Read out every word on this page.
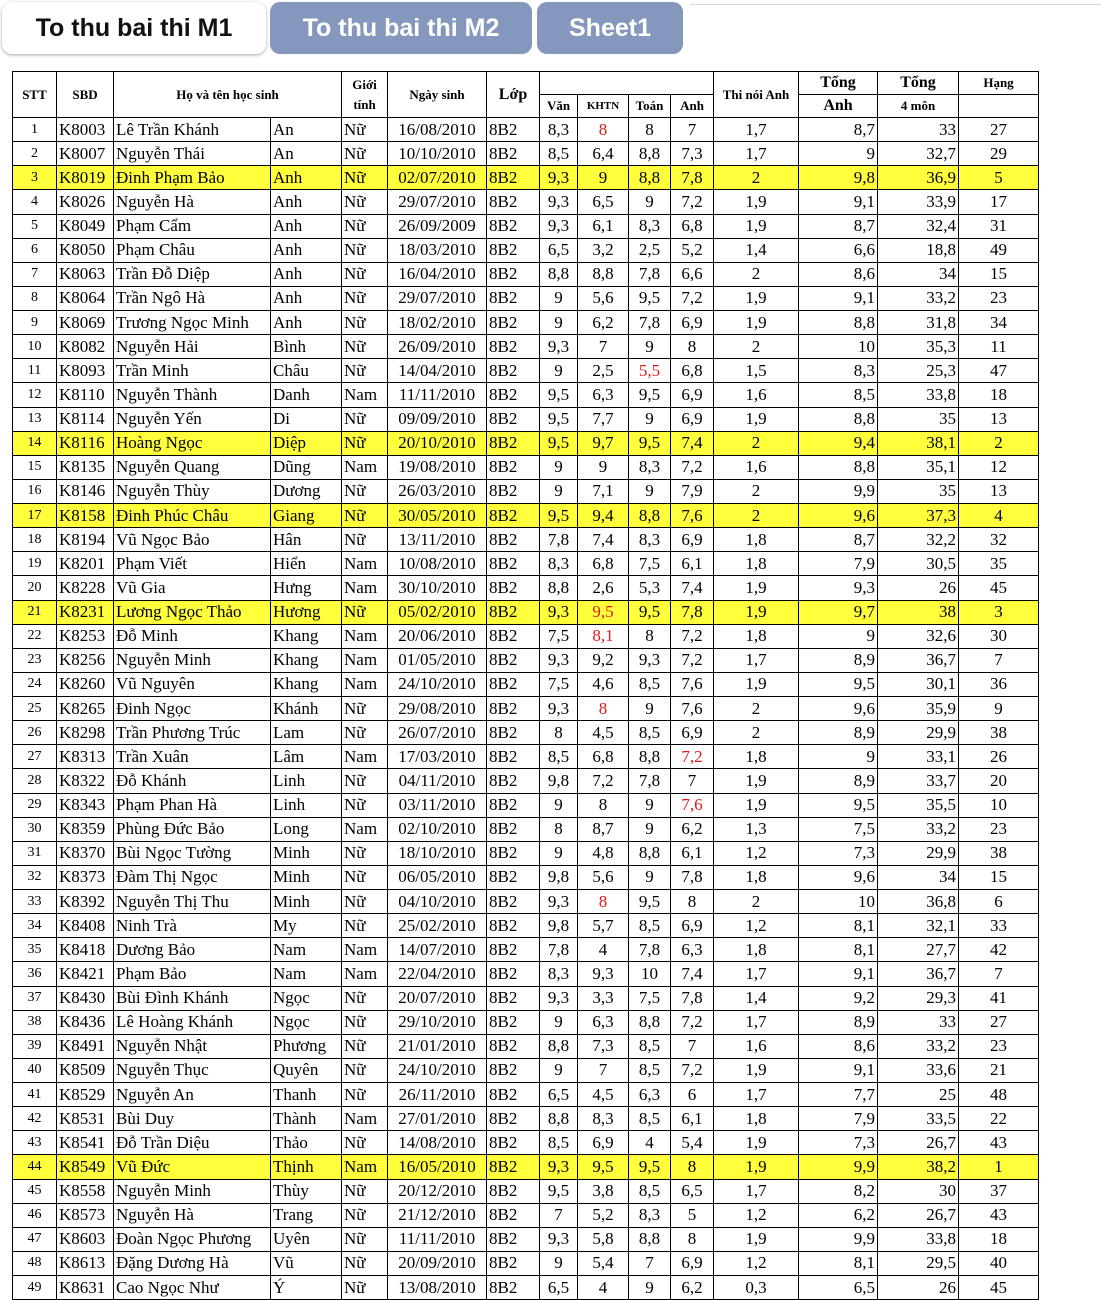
To thu bai thi M1	To thu bai thi M2	Sheet1
STT	SBD	Họ và tên học sinh		Giới
tính	Ngày sinh	Lớp					Thi nói Anh	Tổng	Tổng	Hạng
							Văn	KHTN	Toán	Anh		Anh	4 môn	
1	K8003	Lê Trần Khánh	An	Nữ	16/08/2010	8B2	8,3	8	8	7	1,7	8,7	33	27
2	K8007	Nguyễn Thái	An	Nữ	10/10/2010	8B2	8,5	6,4	8,8	7,3	1,7	9	32,7	29
3	K8019	Đinh Phạm Bảo	Anh	Nữ	02/07/2010	8B2	9,3	9	8,8	7,8	2	9,8	36,9	5
4	K8026	Nguyễn Hà	Anh	Nữ	29/07/2010	8B2	9,3	6,5	9	7,2	1,9	9,1	33,9	17
5	K8049	Phạm Cẩm	Anh	Nữ	26/09/2009	8B2	9,3	6,1	8,3	6,8	1,9	8,7	32,4	31
6	K8050	Phạm Châu	Anh	Nữ	18/03/2010	8B2	6,5	3,2	2,5	5,2	1,4	6,6	18,8	49
7	K8063	Trần Đỗ Diệp	Anh	Nữ	16/04/2010	8B2	8,8	8,8	7,8	6,6	2	8,6	34	15
8	K8064	Trần Ngô Hà	Anh	Nữ	29/07/2010	8B2	9	5,6	9,5	7,2	1,9	9,1	33,2	23
9	K8069	Trương Ngọc Minh	Anh	Nữ	18/02/2010	8B2	9	6,2	7,8	6,9	1,9	8,8	31,8	34
10	K8082	Nguyễn Hải	Bình	Nữ	26/09/2010	8B2	9,3	7	9	8	2	10	35,3	11
11	K8093	Trần Minh	Châu	Nữ	14/04/2010	8B2	9	2,5	5,5	6,8	1,5	8,3	25,3	47
12	K8110	Nguyễn Thành	Danh	Nam	11/11/2010	8B2	9,5	6,3	9,5	6,9	1,6	8,5	33,8	18
13	K8114	Nguyễn Yến	Di	Nữ	09/09/2010	8B2	9,5	7,7	9	6,9	1,9	8,8	35	13
14	K8116	Hoàng Ngọc	Diệp	Nữ	20/10/2010	8B2	9,5	9,7	9,5	7,4	2	9,4	38,1	2
15	K8135	Nguyễn Quang	Dũng	Nam	19/08/2010	8B2	9	9	8,3	7,2	1,6	8,8	35,1	12
16	K8146	Nguyễn Thùy	Dương	Nữ	26/03/2010	8B2	9	7,1	9	7,9	2	9,9	35	13
17	K8158	Đinh Phúc Châu	Giang	Nữ	30/05/2010	8B2	9,5	9,4	8,8	7,6	2	9,6	37,3	4
18	K8194	Vũ Ngọc Bảo	Hân	Nữ	13/11/2010	8B2	7,8	7,4	8,3	6,9	1,8	8,7	32,2	32
19	K8201	Phạm Viết	Hiển	Nam	10/08/2010	8B2	8,3	6,8	7,5	6,1	1,8	7,9	30,5	35
20	K8228	Vũ Gia	Hưng	Nam	30/10/2010	8B2	8,8	2,6	5,3	7,4	1,9	9,3	26	45
21	K8231	Lương Ngọc Thảo	Hương	Nữ	05/02/2010	8B2	9,3	9,5	9,5	7,8	1,9	9,7	38	3
22	K8253	Đỗ Minh	Khang	Nam	20/06/2010	8B2	7,5	8,1	8	7,2	1,8	9	32,6	30
23	K8256	Nguyễn Minh	Khang	Nam	01/05/2010	8B2	9,3	9,2	9,3	7,2	1,7	8,9	36,7	7
24	K8260	Vũ Nguyên	Khang	Nam	24/10/2010	8B2	7,5	4,6	8,5	7,6	1,9	9,5	30,1	36
25	K8265	Đinh Ngọc	Khánh	Nữ	29/08/2010	8B2	9,3	8	9	7,6	2	9,6	35,9	9
26	K8298	Trần Phương Trúc	Lam	Nữ	26/07/2010	8B2	8	4,5	8,5	6,9	2	8,9	29,9	38
27	K8313	Trần Xuân	Lâm	Nam	17/03/2010	8B2	8,5	6,8	8,8	7,2	1,8	9	33,1	26
28	K8322	Đỗ Khánh	Linh	Nữ	04/11/2010	8B2	9,8	7,2	7,8	7	1,9	8,9	33,7	20
29	K8343	Phạm Phan Hà	Linh	Nữ	03/11/2010	8B2	9	8	9	7,6	1,9	9,5	35,5	10
30	K8359	Phùng Đức Bảo	Long	Nam	02/10/2010	8B2	8	8,7	9	6,2	1,3	7,5	33,2	23
31	K8370	Bùi Ngọc Tường	Minh	Nữ	18/10/2010	8B2	9	4,8	8,8	6,1	1,2	7,3	29,9	38
32	K8373	Đàm Thị Ngọc	Minh	Nữ	06/05/2010	8B2	9,8	5,6	9	7,8	1,8	9,6	34	15
33	K8392	Nguyễn Thị Thu	Minh	Nữ	04/10/2010	8B2	9,3	8	9,5	8	2	10	36,8	6
34	K8408	Ninh Trà	My	Nữ	25/02/2010	8B2	9,8	5,7	8,5	6,9	1,2	8,1	32,1	33
35	K8418	Dương Bảo	Nam	Nam	14/07/2010	8B2	7,8	4	7,8	6,3	1,8	8,1	27,7	42
36	K8421	Phạm Bảo	Nam	Nam	22/04/2010	8B2	8,3	9,3	10	7,4	1,7	9,1	36,7	7
37	K8430	Bùi Đình Khánh	Ngọc	Nữ	20/07/2010	8B2	9,3	3,3	7,5	7,8	1,4	9,2	29,3	41
38	K8436	Lê Hoàng Khánh	Ngọc	Nữ	29/10/2010	8B2	9	6,3	8,8	7,2	1,7	8,9	33	27
39	K8491	Nguyễn Nhật	Phương	Nữ	21/01/2010	8B2	8,8	7,3	8,5	7	1,6	8,6	33,2	23
40	K8509	Nguyễn Thục	Quyên	Nữ	24/10/2010	8B2	9	7	8,5	7,2	1,9	9,1	33,6	21
41	K8529	Nguyễn An	Thanh	Nữ	26/11/2010	8B2	6,5	4,5	6,3	6	1,7	7,7	25	48
42	K8531	Bùi Duy	Thành	Nam	27/01/2010	8B2	8,8	8,3	8,5	6,1	1,8	7,9	33,5	22
43	K8541	Đỗ Trần Diệu	Thảo	Nữ	14/08/2010	8B2	8,5	6,9	4	5,4	1,9	7,3	26,7	43
44	K8549	Vũ Đức	Thịnh	Nam	16/05/2010	8B2	9,3	9,5	9,5	8	1,9	9,9	38,2	1
45	K8558	Nguyễn Minh	Thùy	Nữ	20/12/2010	8B2	9,5	3,8	8,5	6,5	1,7	8,2	30	37
46	K8573	Nguyễn Hà	Trang	Nữ	21/12/2010	8B2	7	5,2	8,3	5	1,2	6,2	26,7	43
47	K8603	Đoàn Ngọc Phương	Uyên	Nữ	11/11/2010	8B2	9,3	5,8	8,8	8	1,9	9,9	33,8	18
48	K8613	Đặng Dương Hà	Vũ	Nữ	20/09/2010	8B2	9	5,4	7	6,9	1,2	8,1	29,5	40
49	K8631	Cao Ngọc Như	Ý	Nữ	13/08/2010	8B2	6,5	4	9	6,2	0,3	6,5	26	45
